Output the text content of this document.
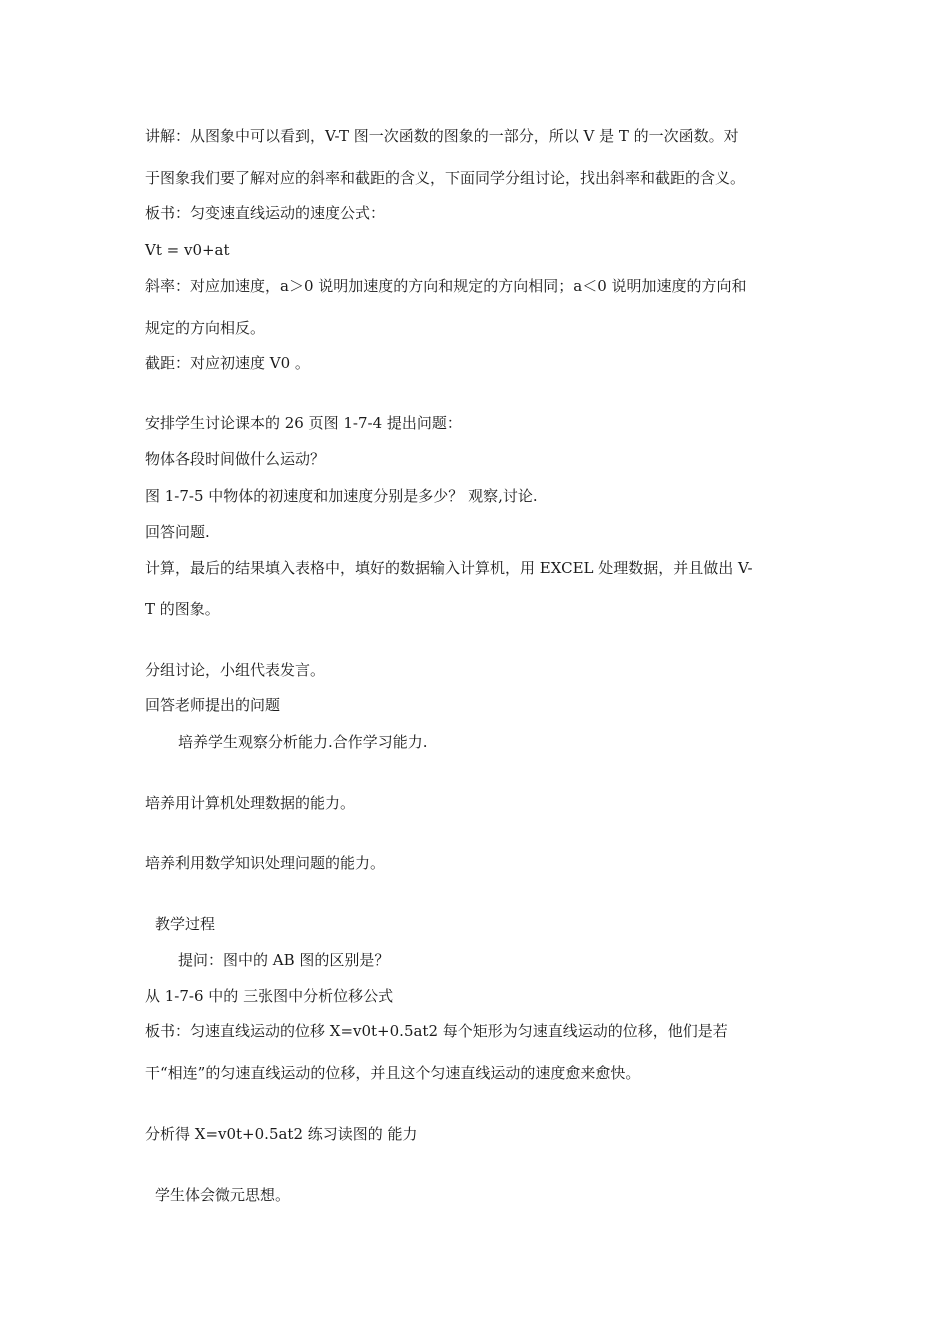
讲解：从图象中可以看到，V-T 图一次函数的图象的一部分，所以 V 是 T 的一次函数。对

于图象我们要了解对应的斜率和截距的含义，下面同学分组讨论，找出斜率和截距的含义。

板书：匀变速直线运动的速度公式：

Vt = v0+at

斜率：对应加速度，a＞0 说明加速度的方向和规定的方向相同；a＜0 说明加速度的方向和

规定的方向相反。

截距：对应初速度 V0 。

安排学生讨论课本的 26 页图 1-7-4 提出问题：

物体各段时间做什么运动？

图 1-7-5 中物体的初速度和加速度分别是多少？ 观察,讨论.

回答问题.

计算，最后的结果填入表格中，填好的数据输入计算机，用 EXCEL 处理数据，并且做出 V-

T 的图象。

分组讨论，小组代表发言。

回答老师提出的问题

培养学生观察分析能力.合作学习能力.

培养用计算机处理数据的能力。

培养利用数学知识处理问题的能力。

教学过程

提问：图中的 AB 图的区别是？

从 1-7-6 中的 三张图中分析位移公式

板书：匀速直线运动的位移 X=v0t+0.5at2 每个矩形为匀速直线运动的位移，他们是若

干“相连”的匀速直线运动的位移，并且这个匀速直线运动的速度愈来愈快。

分析得 X=v0t+0.5at2 练习读图的 能力

学生体会微元思想。
